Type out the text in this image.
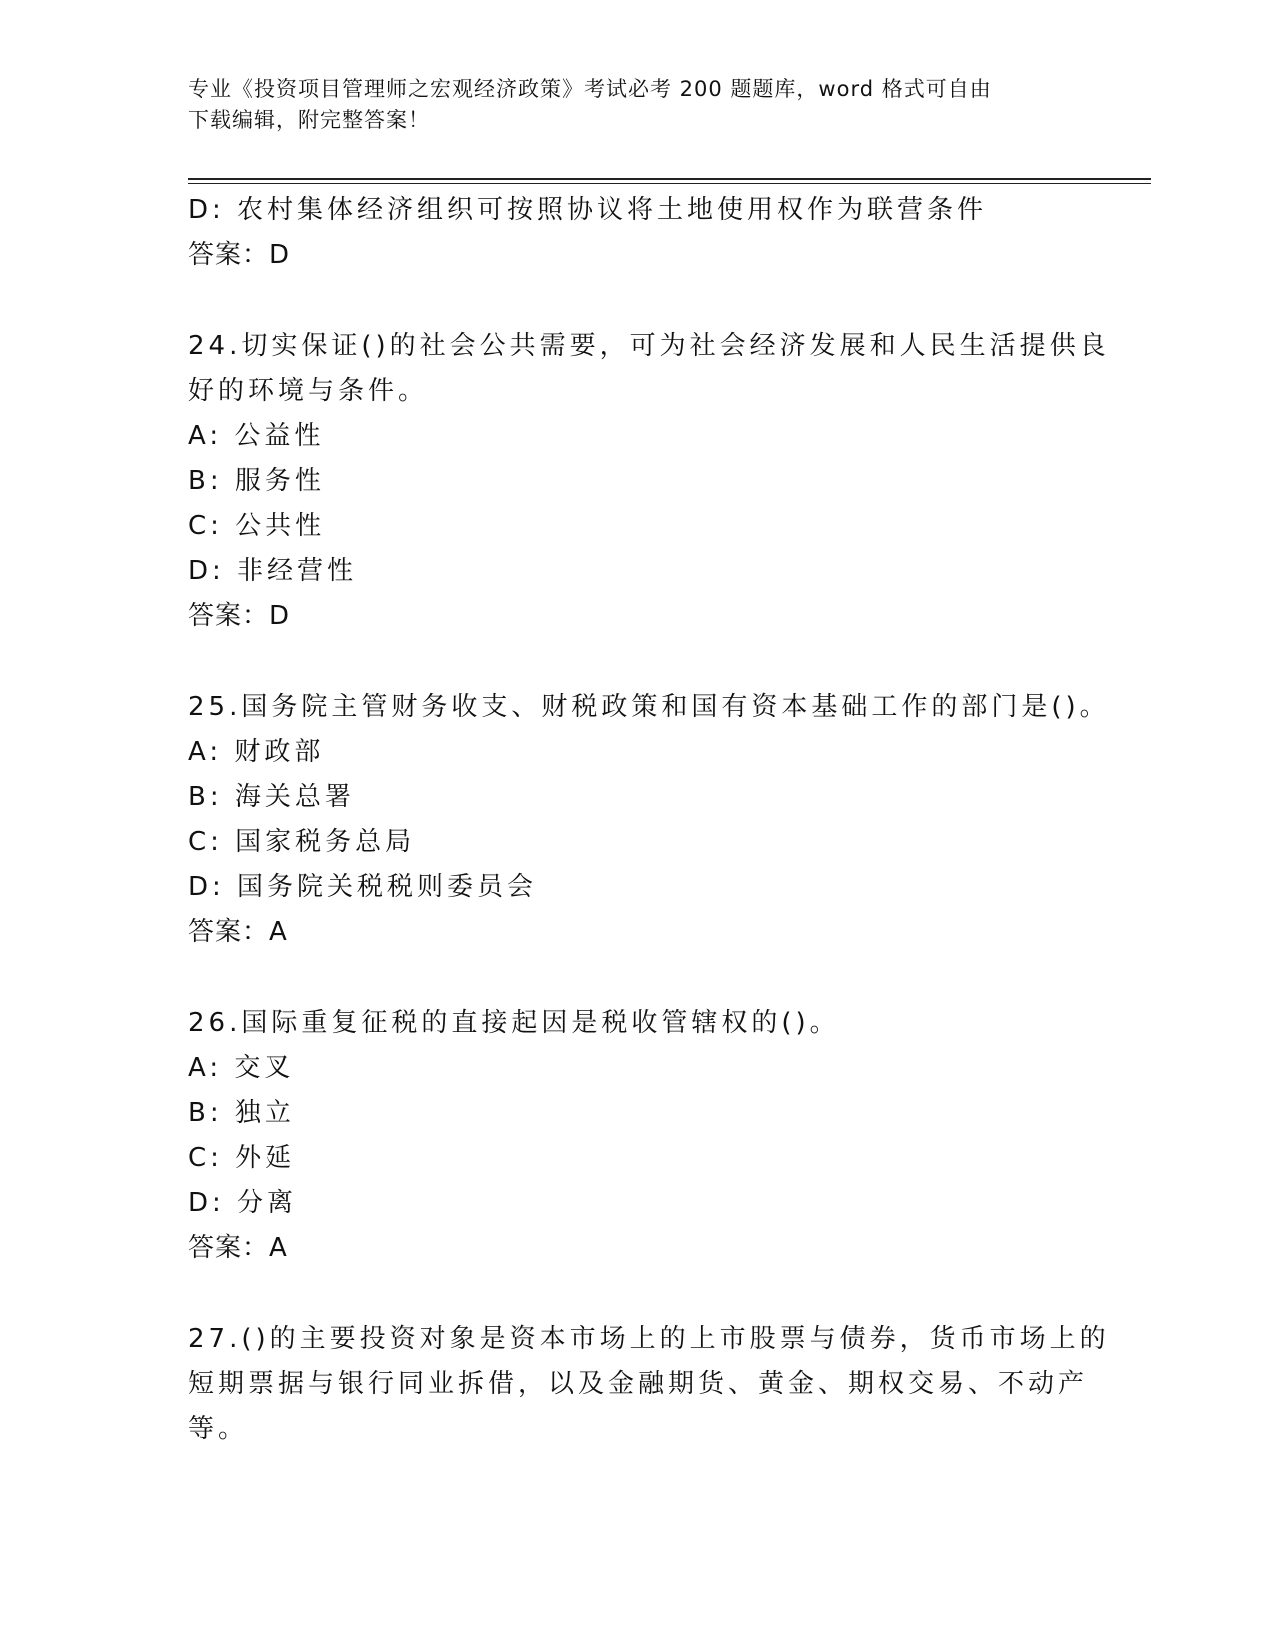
专业《投资项目管理师之宏观经济政策》考试必考 200 题题库，word 格式可自由
下载编辑，附完整答案！
D: 农村集体经济组织可按照协议将土地使用权作为联营条件
答案：D
24.切实保证()的社会公共需要，可为社会经济发展和人民生活提供良
好的环境与条件。
A: 公益性
B: 服务性
C: 公共性
D: 非经营性
答案：D
25.国务院主管财务收支、财税政策和国有资本基础工作的部门是()。
A: 财政部
B: 海关总署
C: 国家税务总局
D: 国务院关税税则委员会
答案：A
26.国际重复征税的直接起因是税收管辖权的()。
A: 交叉
B: 独立
C: 外延
D: 分离
答案：A
27.()的主要投资对象是资本市场上的上市股票与债券，货币市场上的
短期票据与银行同业拆借，以及金融期货、黄金、期权交易、不动产
等。
